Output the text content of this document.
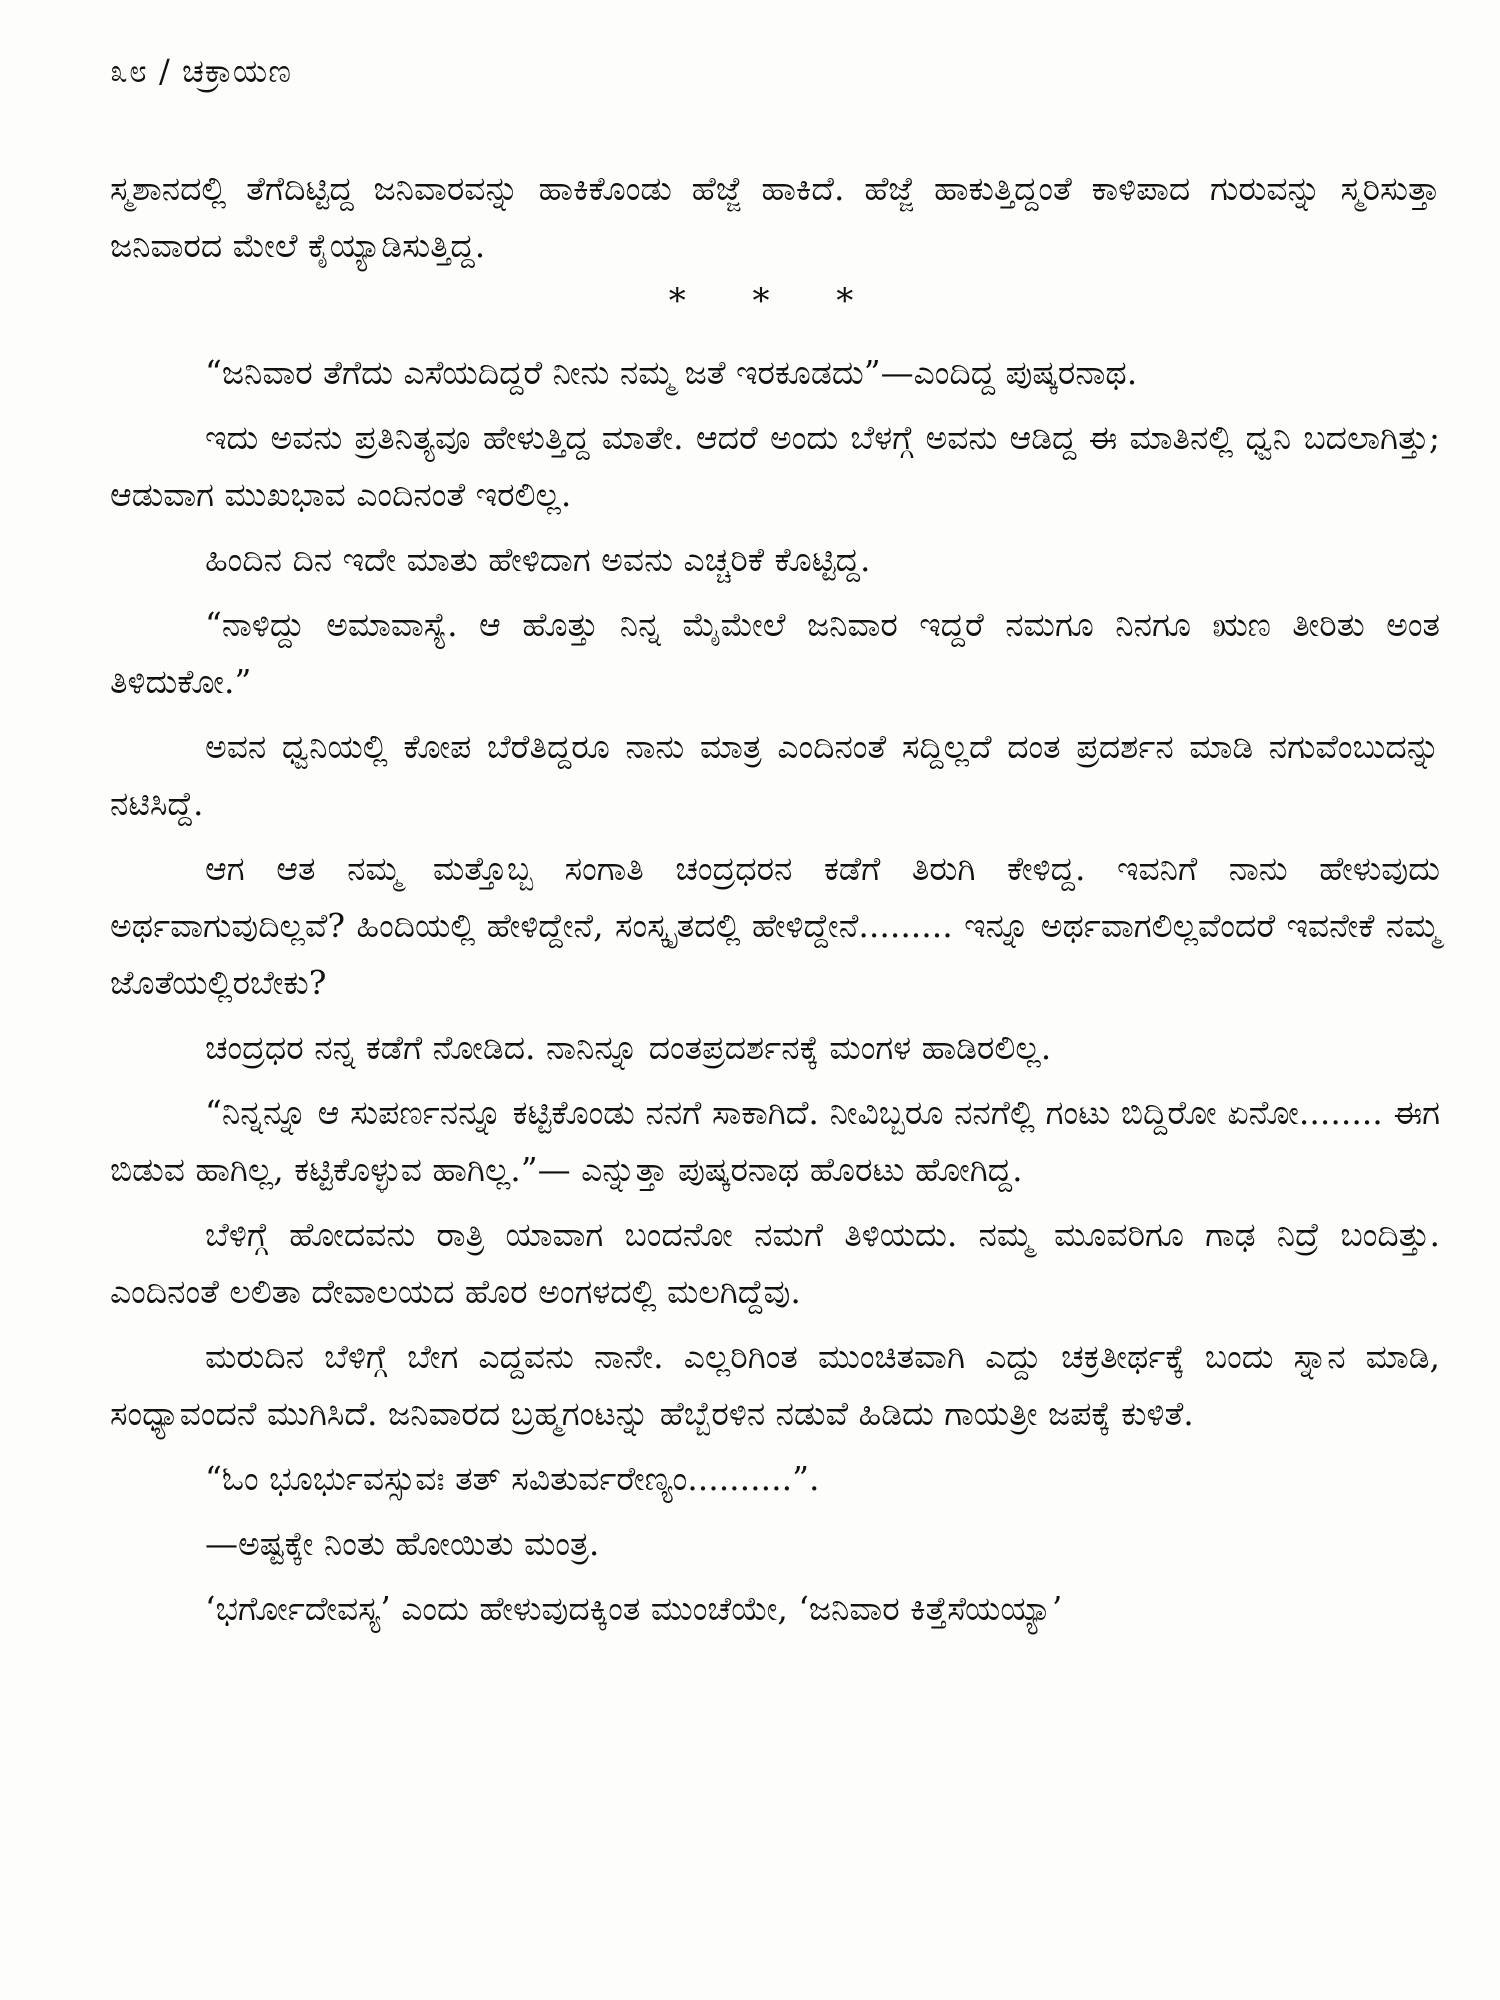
೩೮ / ಚಕ್ರಾಯಣ

ಸ್ಮಶಾನದಲ್ಲಿ ತೆಗೆದಿಟ್ಟಿದ್ದ ಜನಿವಾರವನ್ನು ಹಾಕಿಕೊಂಡು ಹೆಜ್ಜೆ ಹಾಕಿದೆ. ಹೆಜ್ಜೆ ಹಾಕುತ್ತಿದ್ದಂತೆ ಕಾಳಿಪಾದ ಗುರುವನ್ನು ಸ್ಮರಿಸುತ್ತಾ ಜನಿವಾರದ ಮೇಲೆ ಕೈಯ್ಯಾಡಿಸುತ್ತಿದ್ದ.

* * *

“ಜನಿವಾರ ತೆಗೆದು ಎಸೆಯದಿದ್ದರೆ ನೀನು ನಮ್ಮ ಜತೆ ಇರಕೂಡದು”—ಎಂದಿದ್ದ ಪುಷ್ಕರನಾಥ.

ಇದು ಅವನು ಪ್ರತಿನಿತ್ಯವೂ ಹೇಳುತ್ತಿದ್ದ ಮಾತೇ. ಆದರೆ ಅಂದು ಬೆಳಗ್ಗೆ ಅವನು ಆಡಿದ್ದ ಈ ಮಾತಿನಲ್ಲಿ ಧ್ವನಿ ಬದಲಾಗಿತ್ತು; ಆಡುವಾಗ ಮುಖಭಾವ ಎಂದಿನಂತೆ ಇರಲಿಲ್ಲ.

ಹಿಂದಿನ ದಿನ ಇದೇ ಮಾತು ಹೇಳಿದಾಗ ಅವನು ಎಚ್ಚರಿಕೆ ಕೊಟ್ಟಿದ್ದ.

“ನಾಳಿದ್ದು ಅಮಾವಾಸ್ಯೆ. ಆ ಹೊತ್ತು ನಿನ್ನ ಮೈಮೇಲೆ ಜನಿವಾರ ಇದ್ದರೆ ನಮಗೂ ನಿನಗೂ ಋಣ ತೀರಿತು ಅಂತ ತಿಳಿದುಕೋ.”

ಅವನ ಧ್ವನಿಯಲ್ಲಿ ಕೋಪ ಬೆರೆತಿದ್ದರೂ ನಾನು ಮಾತ್ರ ಎಂದಿನಂತೆ ಸದ್ದಿಲ್ಲದೆ ದಂತ ಪ್ರದರ್ಶನ ಮಾಡಿ ನಗುವೆಂಬುದನ್ನು ನಟಿಸಿದ್ದೆ.

ಆಗ ಆತ ನಮ್ಮ ಮತ್ತೊಬ್ಬ ಸಂಗಾತಿ ಚಂದ್ರಧರನ ಕಡೆಗೆ ತಿರುಗಿ ಕೇಳಿದ್ದ. ಇವನಿಗೆ ನಾನು ಹೇಳುವುದು ಅರ್ಥವಾಗುವುದಿಲ್ಲವೆ? ಹಿಂದಿಯಲ್ಲಿ ಹೇಳಿದ್ದೇನೆ, ಸಂಸ್ಕೃತದಲ್ಲಿ ಹೇಳಿದ್ದೇನೆ......... ಇನ್ನೂ ಅರ್ಥವಾಗಲಿಲ್ಲವೆಂದರೆ ಇವನೇಕೆ ನಮ್ಮ ಜೊತೆಯಲ್ಲಿರಬೇಕು?

ಚಂದ್ರಧರ ನನ್ನ ಕಡೆಗೆ ನೋಡಿದ. ನಾನಿನ್ನೂ ದಂತಪ್ರದರ್ಶನಕ್ಕೆ ಮಂಗಳ ಹಾಡಿರಲಿಲ್ಲ.

“ನಿನ್ನನ್ನೂ ಆ ಸುಪರ್ಣನನ್ನೂ ಕಟ್ಟಿಕೊಂಡು ನನಗೆ ಸಾಕಾಗಿದೆ. ನೀವಿಬ್ಬರೂ ನನಗೆಲ್ಲಿ ಗಂಟು ಬಿದ್ದಿರೋ ಏನೋ........ ಈಗ ಬಿಡುವ ಹಾಗಿಲ್ಲ, ಕಟ್ಟಿಕೊಳ್ಳುವ ಹಾಗಿಲ್ಲ.”— ಎನ್ನುತ್ತಾ ಪುಷ್ಕರನಾಥ ಹೊರಟು ಹೋಗಿದ್ದ.

ಬೆಳಿಗ್ಗೆ ಹೋದವನು ರಾತ್ರಿ ಯಾವಾಗ ಬಂದನೋ ನಮಗೆ ತಿಳಿಯದು. ನಮ್ಮ ಮೂವರಿಗೂ ಗಾಢ ನಿದ್ರೆ ಬಂದಿತ್ತು. ಎಂದಿನಂತೆ ಲಲಿತಾ ದೇವಾಲಯದ ಹೊರ ಅಂಗಳದಲ್ಲಿ ಮಲಗಿದ್ದೆವು.

ಮರುದಿನ ಬೆಳಿಗ್ಗೆ ಬೇಗ ಎದ್ದವನು ನಾನೇ. ಎಲ್ಲರಿಗಿಂತ ಮುಂಚಿತವಾಗಿ ಎದ್ದು ಚಕ್ರತೀರ್ಥಕ್ಕೆ ಬಂದು ಸ್ನಾನ ಮಾಡಿ, ಸಂಧ್ಯಾವಂದನೆ ಮುಗಿಸಿದೆ. ಜನಿವಾರದ ಬ್ರಹ್ಮಗಂಟನ್ನು ಹೆಬ್ಬೆರಳಿನ ನಡುವೆ ಹಿಡಿದು ಗಾಯತ್ರೀ ಜಪಕ್ಕೆ ಕುಳಿತೆ.

“ಓಂ ಭೂರ್ಭುವಸ್ಸುವಃ ತತ್ ಸವಿತುರ್ವರೇಣ್ಯಂ..........”.

—ಅಷ್ಟಕ್ಕೇ ನಿಂತು ಹೋಯಿತು ಮಂತ್ರ.

‘ಭರ್ಗೋದೇವಸ್ಯ’ ಎಂದು ಹೇಳುವುದಕ್ಕಿಂತ ಮುಂಚೆಯೇ, ‘ಜನಿವಾರ ಕಿತ್ತೆಸೆಯಯ್ಯಾ’
